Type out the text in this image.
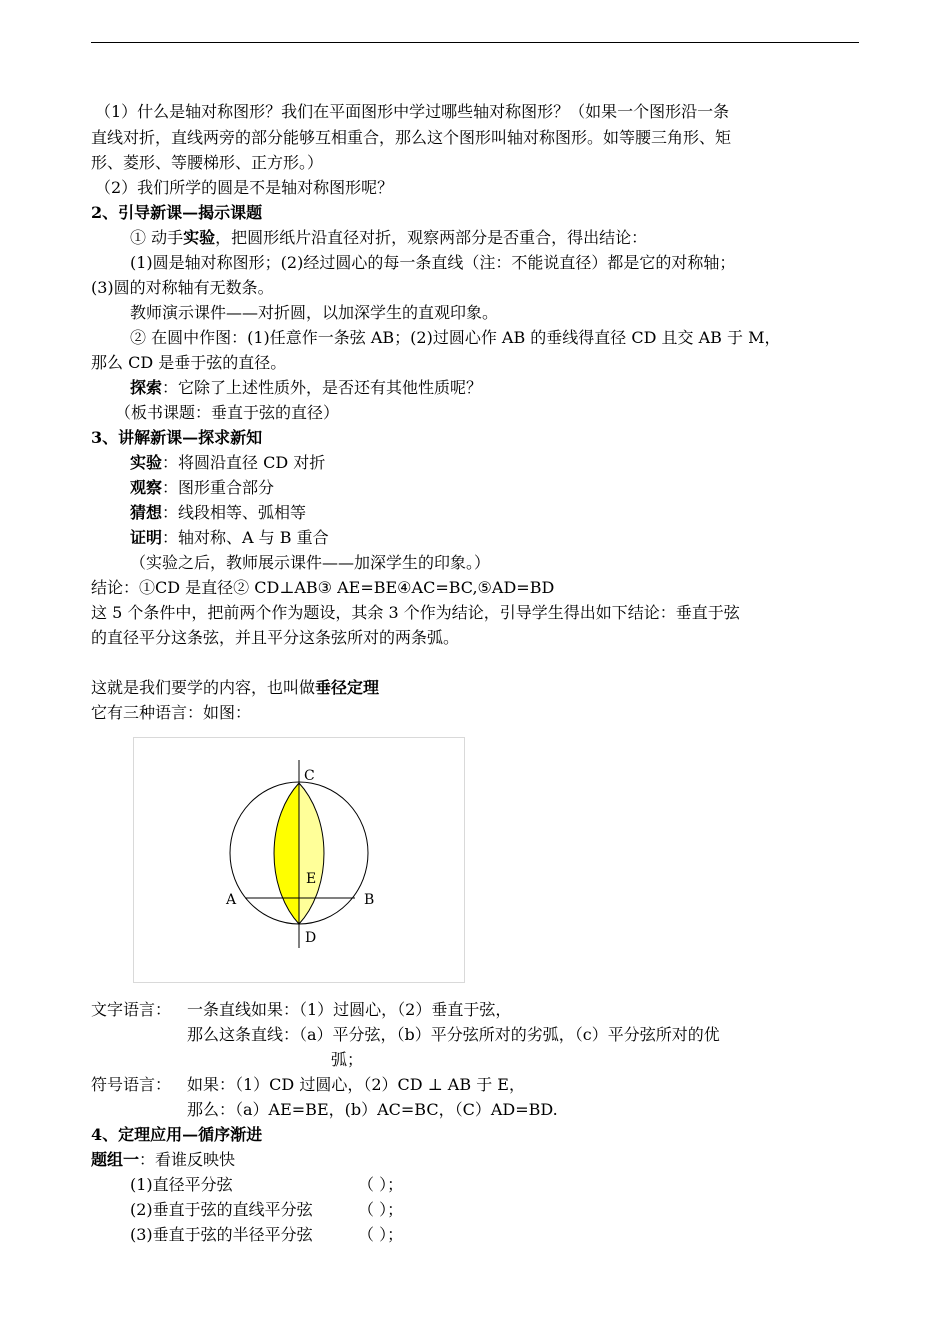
（1）什么是轴对称图形？我们在平面图形中学过哪些轴对称图形？（如果一个图形沿一条
直线对折，直线两旁的部分能够互相重合，那么这个图形叫轴对称图形。如等腰三角形、矩
形、菱形、等腰梯形、正方形。）
（2）我们所学的圆是不是轴对称图形呢？
2、引导新课—揭示课题
① 动手实验，把圆形纸片沿直径对折，观察两部分是否重合，得出结论：
(1)圆是轴对称图形；(2)经过圆心的每一条直线（注：不能说直径）都是它的对称轴；
(3)圆的对称轴有无数条。
教师演示课件——对折圆，以加深学生的直观印象。
② 在圆中作图：(1)任意作一条弦 AB；(2)过圆心作 AB 的垂线得直径 CD 且交 AB 于 M，
那么 CD 是垂于弦的直径。
探索：它除了上述性质外，是否还有其他性质呢？
（板书课题：垂直于弦的直径）
3、讲解新课—探求新知
实验：将圆沿直径 CD 对折
观察：图形重合部分
猜想：线段相等、弧相等
证明：轴对称、A 与 B 重合
（实验之后，教师展示课件——加深学生的印象。）
结论：①CD 是直径② CD⊥AB③ AE=BE④AC=BC,⑤AD=BD
这 5 个条件中，把前两个作为题设，其余 3 个作为结论，引导学生得出如下结论：垂直于弦
的直径平分这条弦，并且平分这条弦所对的两条弧。
这就是我们要学的内容，也叫做垂径定理
它有三种语言：如图：
C
E
A	B
D
文字语言： 一条直线如果：（1）过圆心，（2）垂直于弦，
那么这条直线：（a）平分弦，（b）平分弦所对的劣弧，（c）平分弦所对的优
弧；
符号语言： 如果：（1）CD 过圆心，（2）CD ⊥ AB 于 E，
那么：（a）AE=BE，(b）AC=BC，（C）AD=BD.
4、定理应用—循序渐进
题组一：看谁反映快
(1)直径平分弦	（ ）；
(2)垂直于弦的直线平分弦	（ ）；
(3)垂直于弦的半径平分弦	（ ）；
